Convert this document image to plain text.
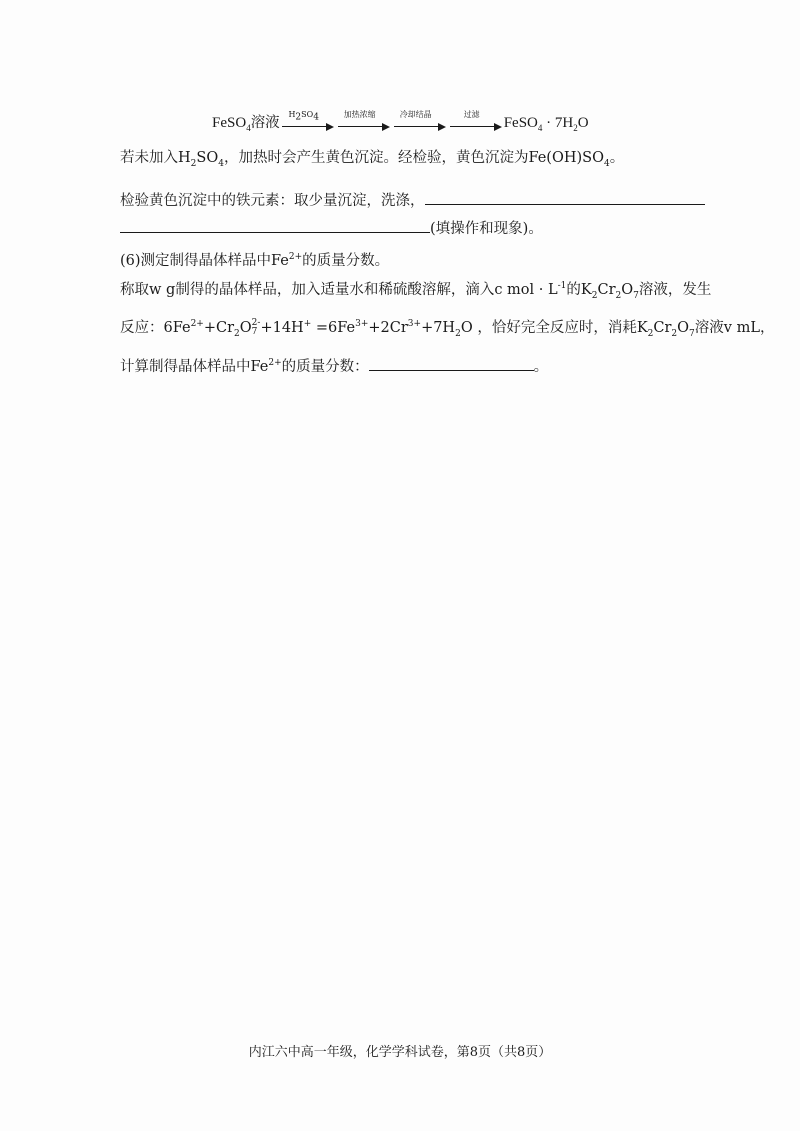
FeSO$_4$ 溶液
$H_2SO_4$	加热浓缩	冷却结晶	过滤
FeSO$_4$ · $7H_2O$
若未加入$H_2SO_4$，加热时会产生黄色沉淀。经检验，黄色沉淀为$Fe(OH)SO_4$。
检验黄色沉淀中的铁元素：取少量沉淀，洗涤，
(填操作和现象)。
(6)测定制得晶体样品中$Fe^{2+}$的质量分数。
称取w g制得的晶体样品，加入适量水和稀硫酸溶解，滴入c mol · $L^{-1}$的$K_2Cr_2O_7$溶液，发生
反应：$6Fe^{2+}+Cr_2O$ 2-
$7 +14H^+ =6Fe^{3+}+2Cr^{3+}+7H_2O$ ，恰好完全反应时，消耗$K_2Cr_2O_7$溶液v mL，
计算制得晶体样品中$Fe^{2+}$的质量分数：	。
内江六中高一年级，化学学科试卷，第8页（共8页）
